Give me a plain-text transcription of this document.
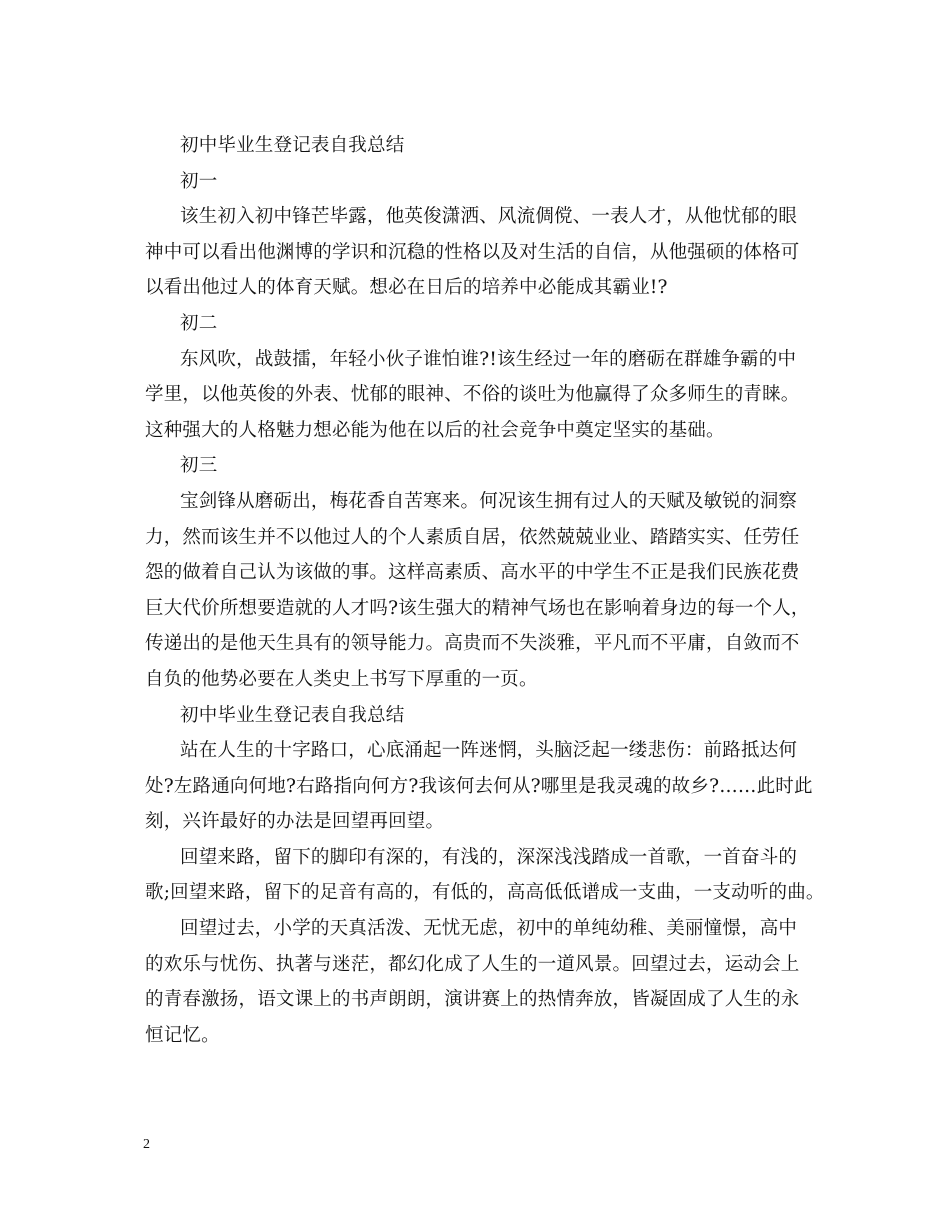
初中毕业生登记表自我总结
初一
该生初入初中锋芒毕露，他英俊潇洒、风流倜傥、一表人才，从他忧郁的眼
神中可以看出他渊博的学识和沉稳的性格以及对生活的自信，从他强硕的体格可
以看出他过人的体育天赋。想必在日后的培养中必能成其霸业!?
初二
东风吹，战鼓擂，年轻小伙子谁怕谁?!该生经过一年的磨砺在群雄争霸的中
学里，以他英俊的外表、忧郁的眼神、不俗的谈吐为他赢得了众多师生的青睐。
这种强大的人格魅力想必能为他在以后的社会竞争中奠定坚实的基础。
初三
宝剑锋从磨砺出，梅花香自苦寒来。何况该生拥有过人的天赋及敏锐的洞察
力，然而该生并不以他过人的个人素质自居，依然兢兢业业、踏踏实实、任劳任
怨的做着自己认为该做的事。这样高素质、高水平的中学生不正是我们民族花费
巨大代价所想要造就的人才吗?该生强大的精神气场也在影响着身边的每一个人，
传递出的是他天生具有的领导能力。高贵而不失淡雅，平凡而不平庸，自敛而不
自负的他势必要在人类史上书写下厚重的一页。
初中毕业生登记表自我总结
站在人生的十字路口，心底涌起一阵迷惘，头脑泛起一缕悲伤：前路抵达何
处?左路通向何地?右路指向何方?我该何去何从?哪里是我灵魂的故乡?……此时此
刻，兴许最好的办法是回望再回望。
回望来路，留下的脚印有深的，有浅的，深深浅浅踏成一首歌，一首奋斗的
歌;回望来路，留下的足音有高的，有低的，高高低低谱成一支曲，一支动听的曲。
回望过去，小学的天真活泼、无忧无虑，初中的单纯幼稚、美丽憧憬，高中
的欢乐与忧伤、执著与迷茫，都幻化成了人生的一道风景。回望过去，运动会上
的青春激扬，语文课上的书声朗朗，演讲赛上的热情奔放，皆凝固成了人生的永
恒记忆。
2
